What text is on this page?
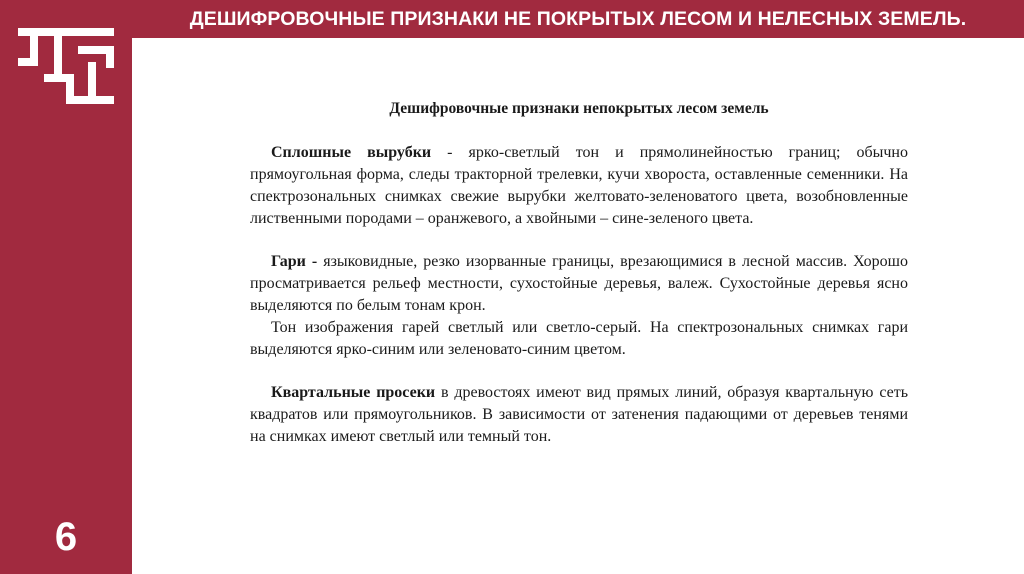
ДЕШИФРОВОЧНЫЕ ПРИЗНАКИ НЕ ПОКРЫТЫХ ЛЕСОМ И НЕЛЕСНЫХ ЗЕМЕЛЬ.
6

Дешифровочные признаки непокрытых лесом земель

Сплошные вырубки - ярко-светлый тон и прямолинейностью границ; обычно прямоугольная форма, следы тракторной трелевки, кучи хвороста, оставленные семенники. На спектрозональных снимках свежие вырубки желтовато-зеленоватого цвета, возобновленные лиственными породами – оранжевого, а хвойными – сине-зеленого цвета.

Гари - языковидные, резко изорванные границы, врезающимися в лесной массив. Хорошо просматривается рельеф местности, сухостойные деревья, валеж. Сухостойные деревья ясно выделяются по белым тонам крон.

Тон изображения гарей светлый или светло-серый. На спектрозональных снимках гари выделяются ярко-синим или зеленовато-синим цветом.

Квартальные просеки в древостоях имеют вид прямых линий, образуя квартальную сеть квадратов или прямоугольников. В зависимости от затенения падающими от деревьев тенями на снимках имеют светлый или темный тон.
